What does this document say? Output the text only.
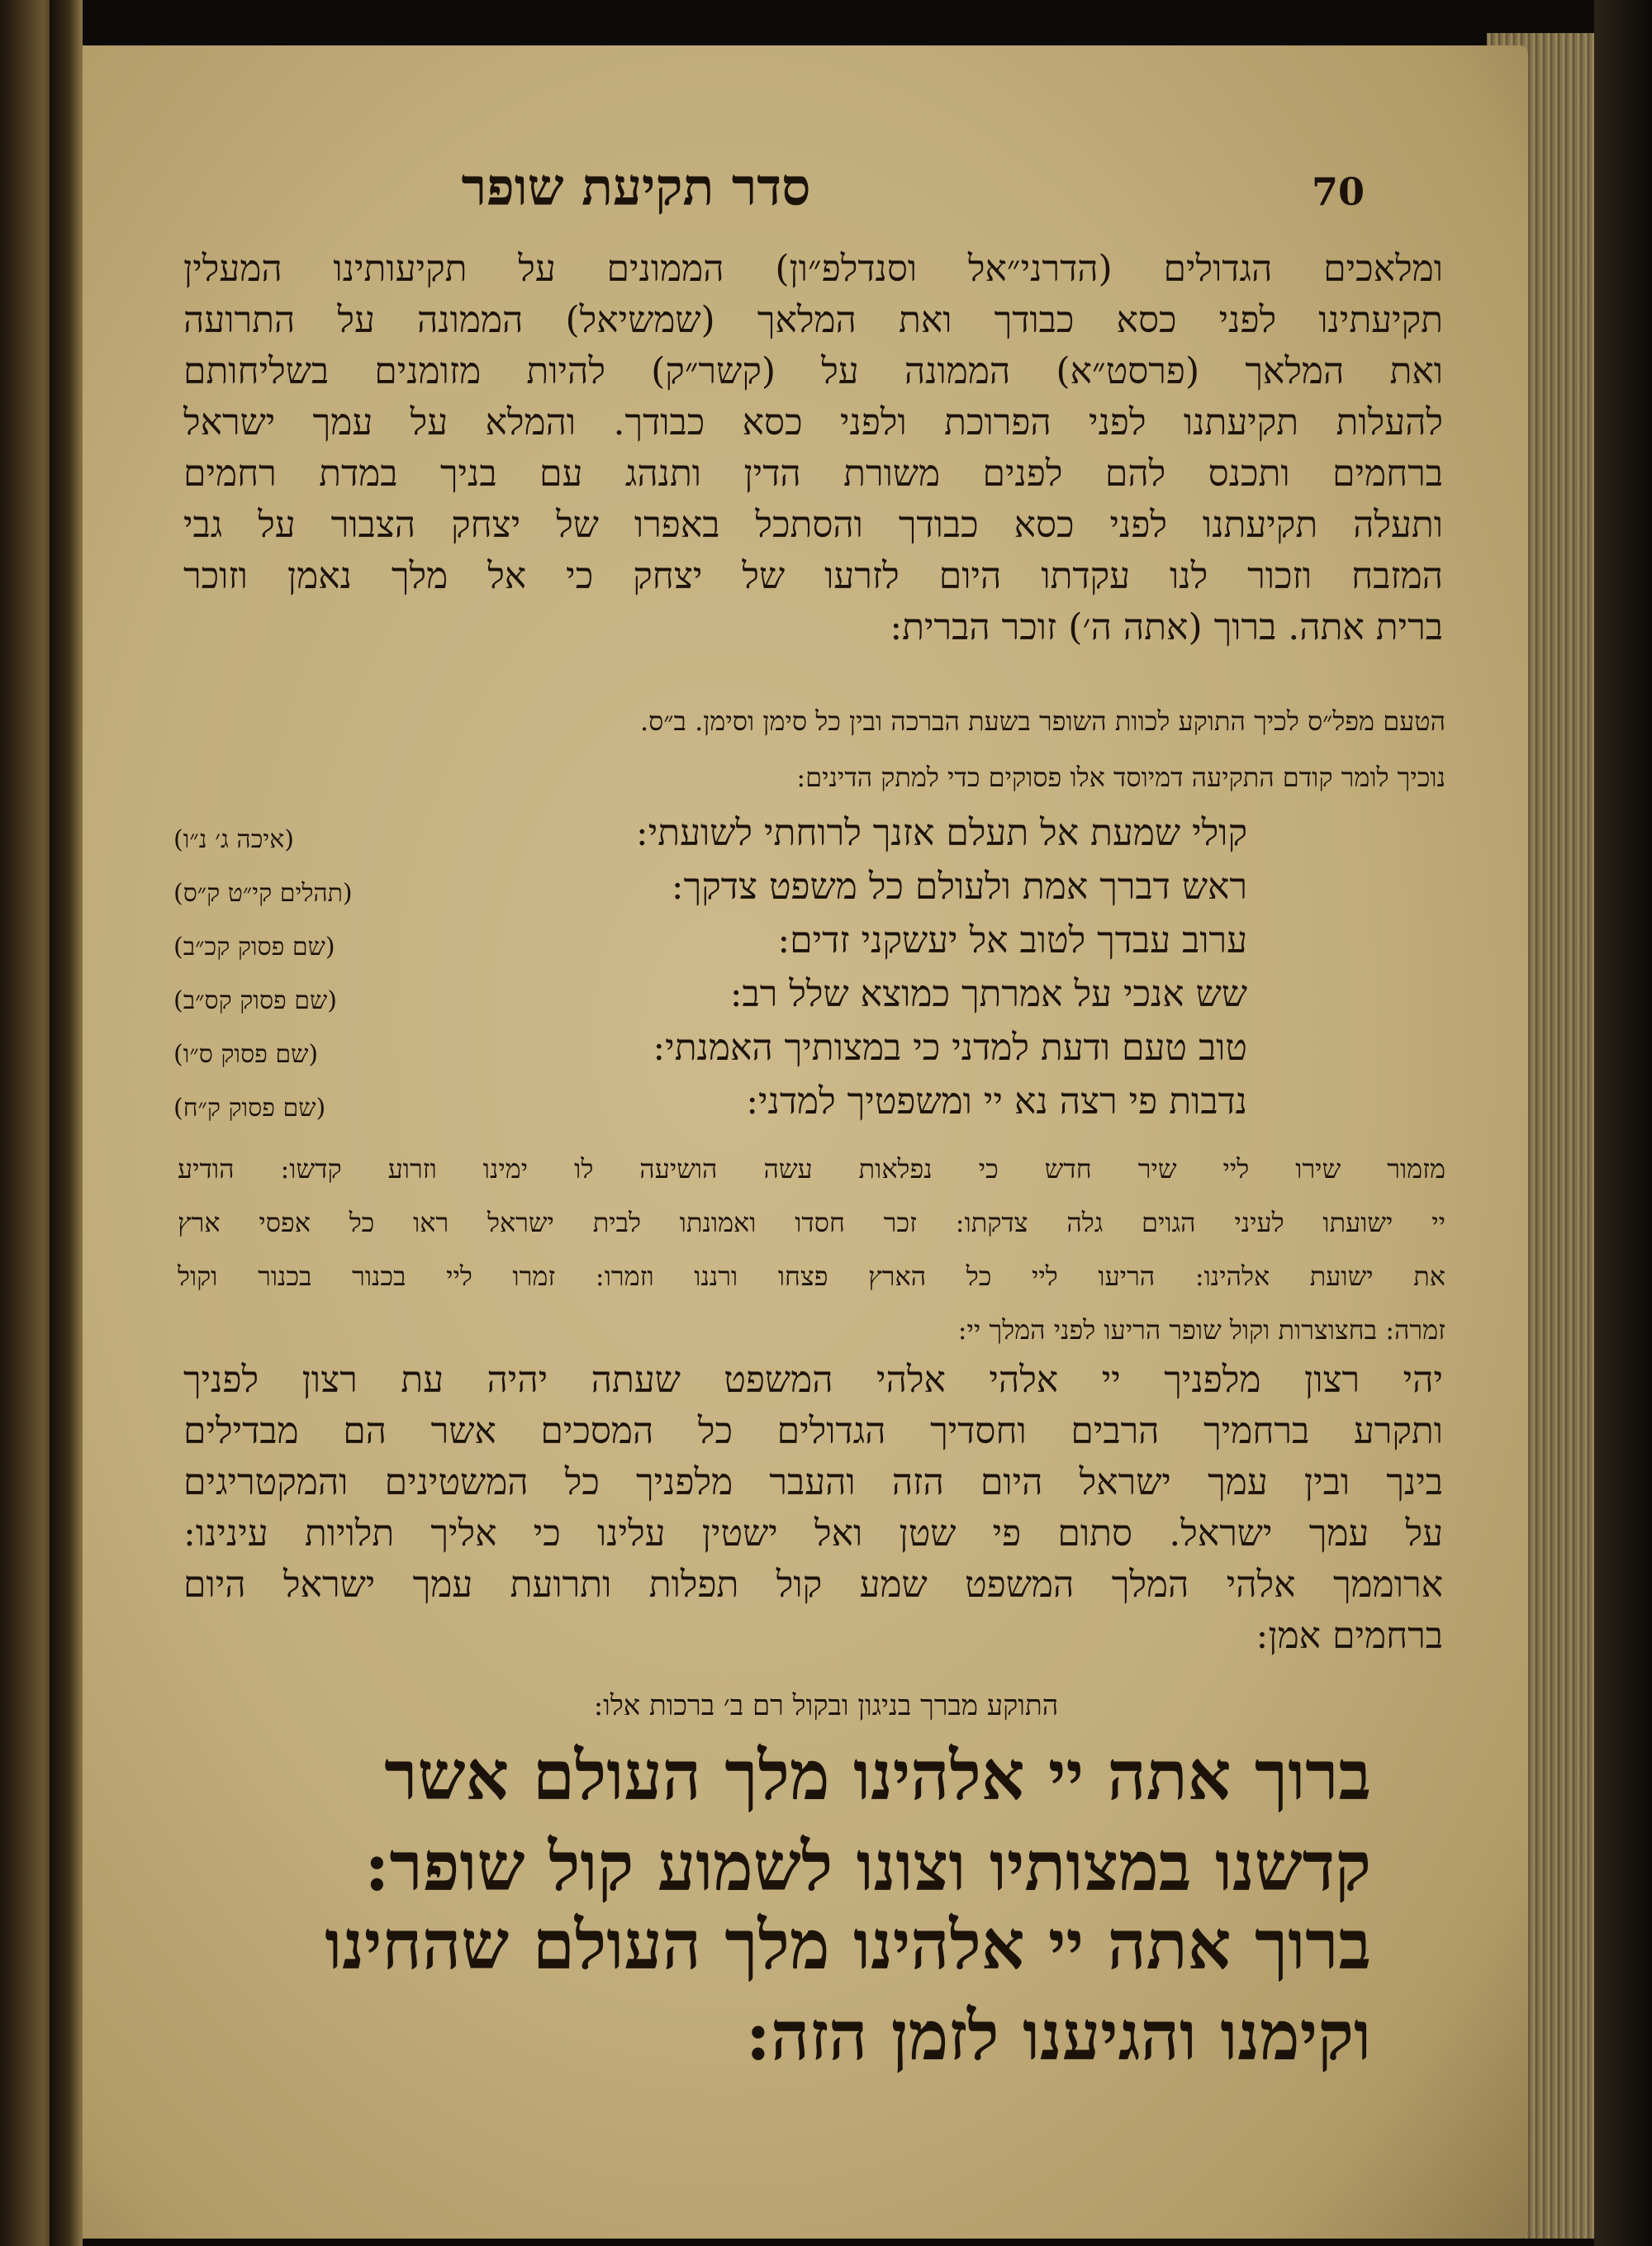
70
סדר תקיעת שופר
ומלאכים הגדולים (הדרני״אל וסנדלפ״ון) הממונים על תקיעותינו המעלין
תקיעתינו לפני כסא כבודך ואת המלאך (שמשיאל) הממונה על התרועה
ואת המלאך (פרסט״א) הממונה על (קשר״ק) להיות מזומנים בשליחותם
להעלות תקיעתנו לפני הפרוכת ולפני כסא כבודך. והמלא על עמך ישראל
ברחמים ותכנס להם לפנים משורת הדין ותנהג עם בניך במדת רחמים
ותעלה תקיעתנו לפני כסא כבודך והסתכל באפרו של יצחק הצבור על גבי
המזבח וזכור לנו עקדתו היום לזרעו של יצחק כי אל מלך נאמן וזוכר
ברית אתה. ברוך (אתה ה׳) זוכר הברית:
הטעם מפל״ס לכיך התוקע לכוות השופר בשעת הברכה ובין כל סימן וסימן. ב״ס.
נוכיך לומר קודם התקיעה דמיוסד אלו פסוקים כדי למתק הדינים:
קולי שמעת אל תעלם אזנך לרוחתי לשועתי:
(איכה ג׳ נ״ו)
ראש דברך אמת ולעולם כל משפט צדקך:
(תהלים קי״ט ק״ס)
ערוב עבדך לטוב אל יעשקני זדים:
(שם פסוק קכ״ב)
שש אנכי על אמרתך כמוצא שלל רב:
(שם פסוק קס״ב)
טוב טעם ודעת למדני כי במצותיך האמנתי:
(שם פסוק ס״ו)
נדבות פי רצה נא יי ומשפטיך למדני:
(שם פסוק ק״ח)
מזמור שירו ליי שיר חדש כי נפלאות עשה הושיעה לו ימינו וזרוע קדשו: הודיע
יי ישועתו לעיני הגוים גלה צדקתו: זכר חסדו ואמונתו לבית ישראל ראו כל אפסי ארץ
את ישועת אלהינו: הריעו ליי כל הארץ פצחו ורננו וזמרו: זמרו ליי בכנור בכנור וקול
זמרה: בחצוצרות וקול שופר הריעו לפני המלך יי:
יהי רצון מלפניך יי אלהי אלהי המשפט שעתה יהיה עת רצון לפניך
ותקרע ברחמיך הרבים וחסדיך הגדולים כל המסכים אשר הם מבדילים
בינך ובין עמך ישראל היום הזה והעבר מלפניך כל המשטינים והמקטריגים
על עמך ישראל. סתום פי שטן ואל ישטין עלינו כי אליך תלויות עינינו:
ארוממך אלהי המלך המשפט שמע קול תפלות ותרועת עמך ישראל היום
ברחמים אמן:
התוקע מברך בניגון ובקול רם ב׳ ברכות אלו:
ברוך אתה יי אלהינו מלך העולם אשר
קדשנו במצותיו וצונו לשמוע קול שופר:
ברוך אתה יי אלהינו מלך העולם שהחינו
וקימנו והגיענו לזמן הזה:
